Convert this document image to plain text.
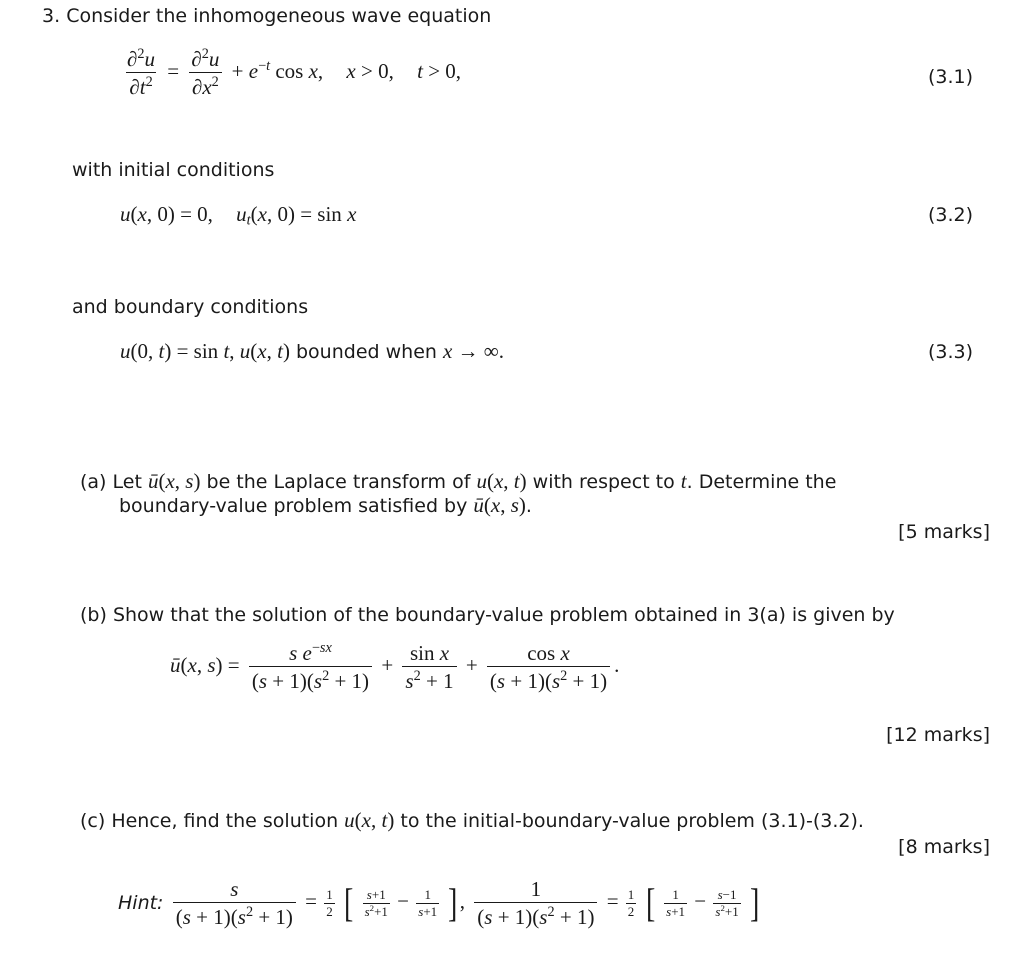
3. Consider the inhomogeneous wave equation
$\frac{\partial^2u}{\partial t^2} = \frac{\partial^2u}{\partial x^2} + e^{-t}$ cos x, x > 0, t > 0,	(3.1)
with initial conditions
u(x, 0) = 0, $u_t(x$, 0) = sin x	(3.2)
and boundary conditions
u(0, t) = sin t, u(x, t) bounded when x → ∞.	(3.3)
(a) Let ū(x, s) be the Laplace transform of u(x, t) with respect to t. Determine the
boundary-value problem satisfied by ū(x, s).
[5 marks]
(b) Show that the solution of the boundary-value problem obtained in 3(a) is given by
ū(x, $s) = \frac{s e^{-sx}}{(s + 1)(s^2 + 1)} + \frac{\text{sin x}}{s^2 + 1} + \frac{\text{cos x}}{(s + 1)(s^2 + 1)}$ .
[12 marks]
(c) Hence, find the solution u(x, t) to the initial-boundary-value problem (3.1)-(3.2).
[8 marks]
Hint: $\frac{s}{(s + 1)(s^2 + 1)} = \frac{1}{2}$ [ $\frac{s+1}{s^2+1} - \frac{1}{s+1}$ ], $\frac{1}{(s + 1)(s^2 + 1)} = \frac{1}{2}$ [ $\frac{1}{s+1} - \frac{s-1}{s^2+1}$ ]
